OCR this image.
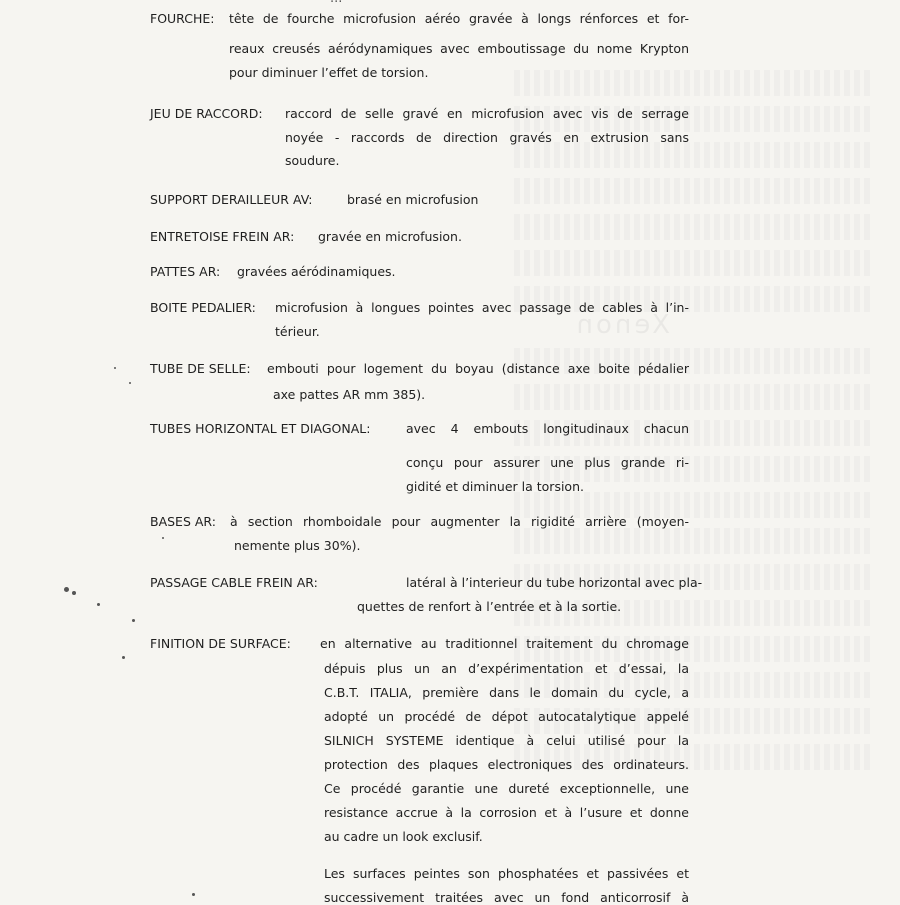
Xenon
FOURCHE: tête de fourche microfusion aéréo gravée à longs rénforces et for-
reaux creusés aéródynamiques avec emboutissage du nome Krypton
pour diminuer l’effet de torsion.
JEU DE RACCORD: raccord de selle gravé en microfusion avec vis de serrage
noyée - raccords de direction gravés en extrusion sans
soudure.
SUPPORT DERAILLEUR AV:	brasé en microfusion
ENTRETOISE FREIN AR: gravée en microfusion.
PATTES AR: gravées aéródinamiques.
BOITE PEDALIER: microfusion à longues pointes avec passage de cables à l’in-
térieur.
TUBE DE SELLE: embouti pour logement du boyau (distance axe boite pédalier
axe pattes AR mm 385).
TUBES HORIZONTAL ET DIAGONAL:	avec 4 embouts longitudinaux chacun
conçu pour assurer une plus grande ri-
gidité et diminuer la torsion.
BASES AR: à section rhomboidale pour augmenter la rigidité arrière (moyen-
nemente plus 30%).
PASSAGE CABLE FREIN AR:	latéral à l’interieur du tube horizontal avec pla-
quettes de renfort à l’entrée et à la sortie.
FINITION DE SURFACE: en alternative au traditionnel traitement du chromage
dépuis plus un an d’expérimentation et d’essai, la
C.B.T. ITALIA, première dans le domain du cycle, a
adopté un procédé de dépot autocatalytique appelé
SILNICH SYSTEME identique à celui utilisé pour la
protection des plaques electroniques des ordinateurs.
Ce procédé garantie une dureté exceptionnelle, une
resistance accrue à la corrosion et à l’usure et donne
au cadre un look exclusif.
Les surfaces peintes son phosphatées et passivées et
successivement traitées avec un fond anticorrosif à
